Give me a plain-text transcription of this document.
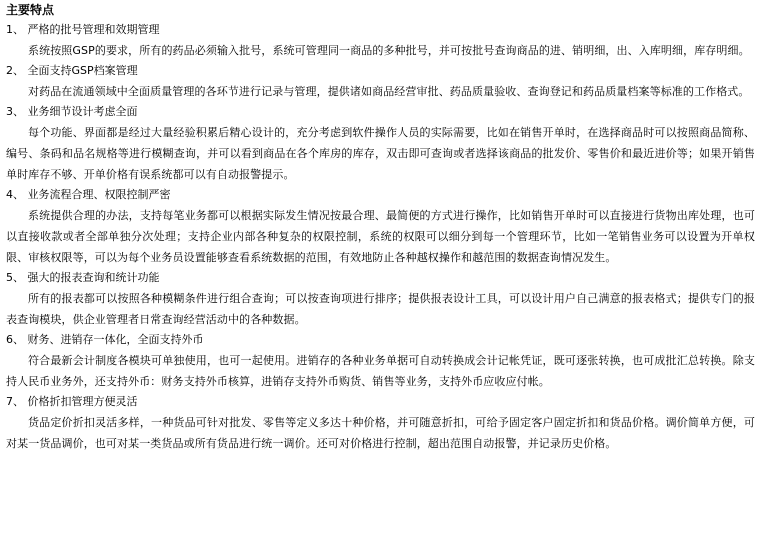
主要特点
1、 严格的批号管理和效期管理

系统按照GSP的要求，所有的药品必须输入批号，系统可管理同一商品的多种批号，并可按批号查询商品的进、销明细，出、入库明细，库存明细。

2、 全面支持GSP档案管理

对药品在流通领域中全面质量管理的各环节进行记录与管理，提供诸如商品经营审批、药品质量验收、查询登记和药品质量档案等标准的工作格式。

3、 业务细节设计考虑全面

每个功能、界面都是经过大量经验积累后精心设计的，充分考虑到软件操作人员的实际需要，比如在销售开单时，在选择商品时可以按照商品简称、编号、条码和品名规格等进行模糊查询，并可以看到商品在各个库房的库存，双击即可查询或者选择该商品的批发价、零售价和最近进价等；如果开销售单时库存不够、开单价格有误系统都可以有自动报警提示。

4、 业务流程合理、权限控制严密

系统提供合理的办法，支持每笔业务都可以根据实际发生情况按最合理、最简便的方式进行操作，比如销售开单时可以直接进行货物出库处理，也可以直接收款或者全部单独分次处理；支持企业内部各种复杂的权限控制，系统的权限可以细分到每一个管理环节，比如一笔销售业务可以设置为开单权限、审核权限等，可以为每个业务员设置能够查看系统数据的范围，有效地防止各种越权操作和越范围的数据查询情况发生。

5、 强大的报表查询和统计功能

所有的报表都可以按照各种模糊条件进行组合查询；可以按查询项进行排序；提供报表设计工具，可以设计用户自己满意的报表格式；提供专门的报表查询模块，供企业管理者日常查询经营活动中的各种数据。

6、 财务、进销存一体化，全面支持外币

符合最新会计制度各模块可单独使用，也可一起使用。进销存的各种业务单据可自动转换成会计记帐凭证，既可逐张转换，也可成批汇总转换。除支持人民币业务外，还支持外币：财务支持外币核算，进销存支持外币购货、销售等业务，支持外币应收应付帐。

7、 价格折扣管理方便灵活

货品定价折扣灵活多样，一种货品可针对批发、零售等定义多达十种价格，并可随意折扣，可给予固定客户固定折扣和货品价格。调价简单方便，可对某一货品调价，也可对某一类货品或所有货品进行统一调价。还可对价格进行控制，超出范围自动报警，并记录历史价格。
